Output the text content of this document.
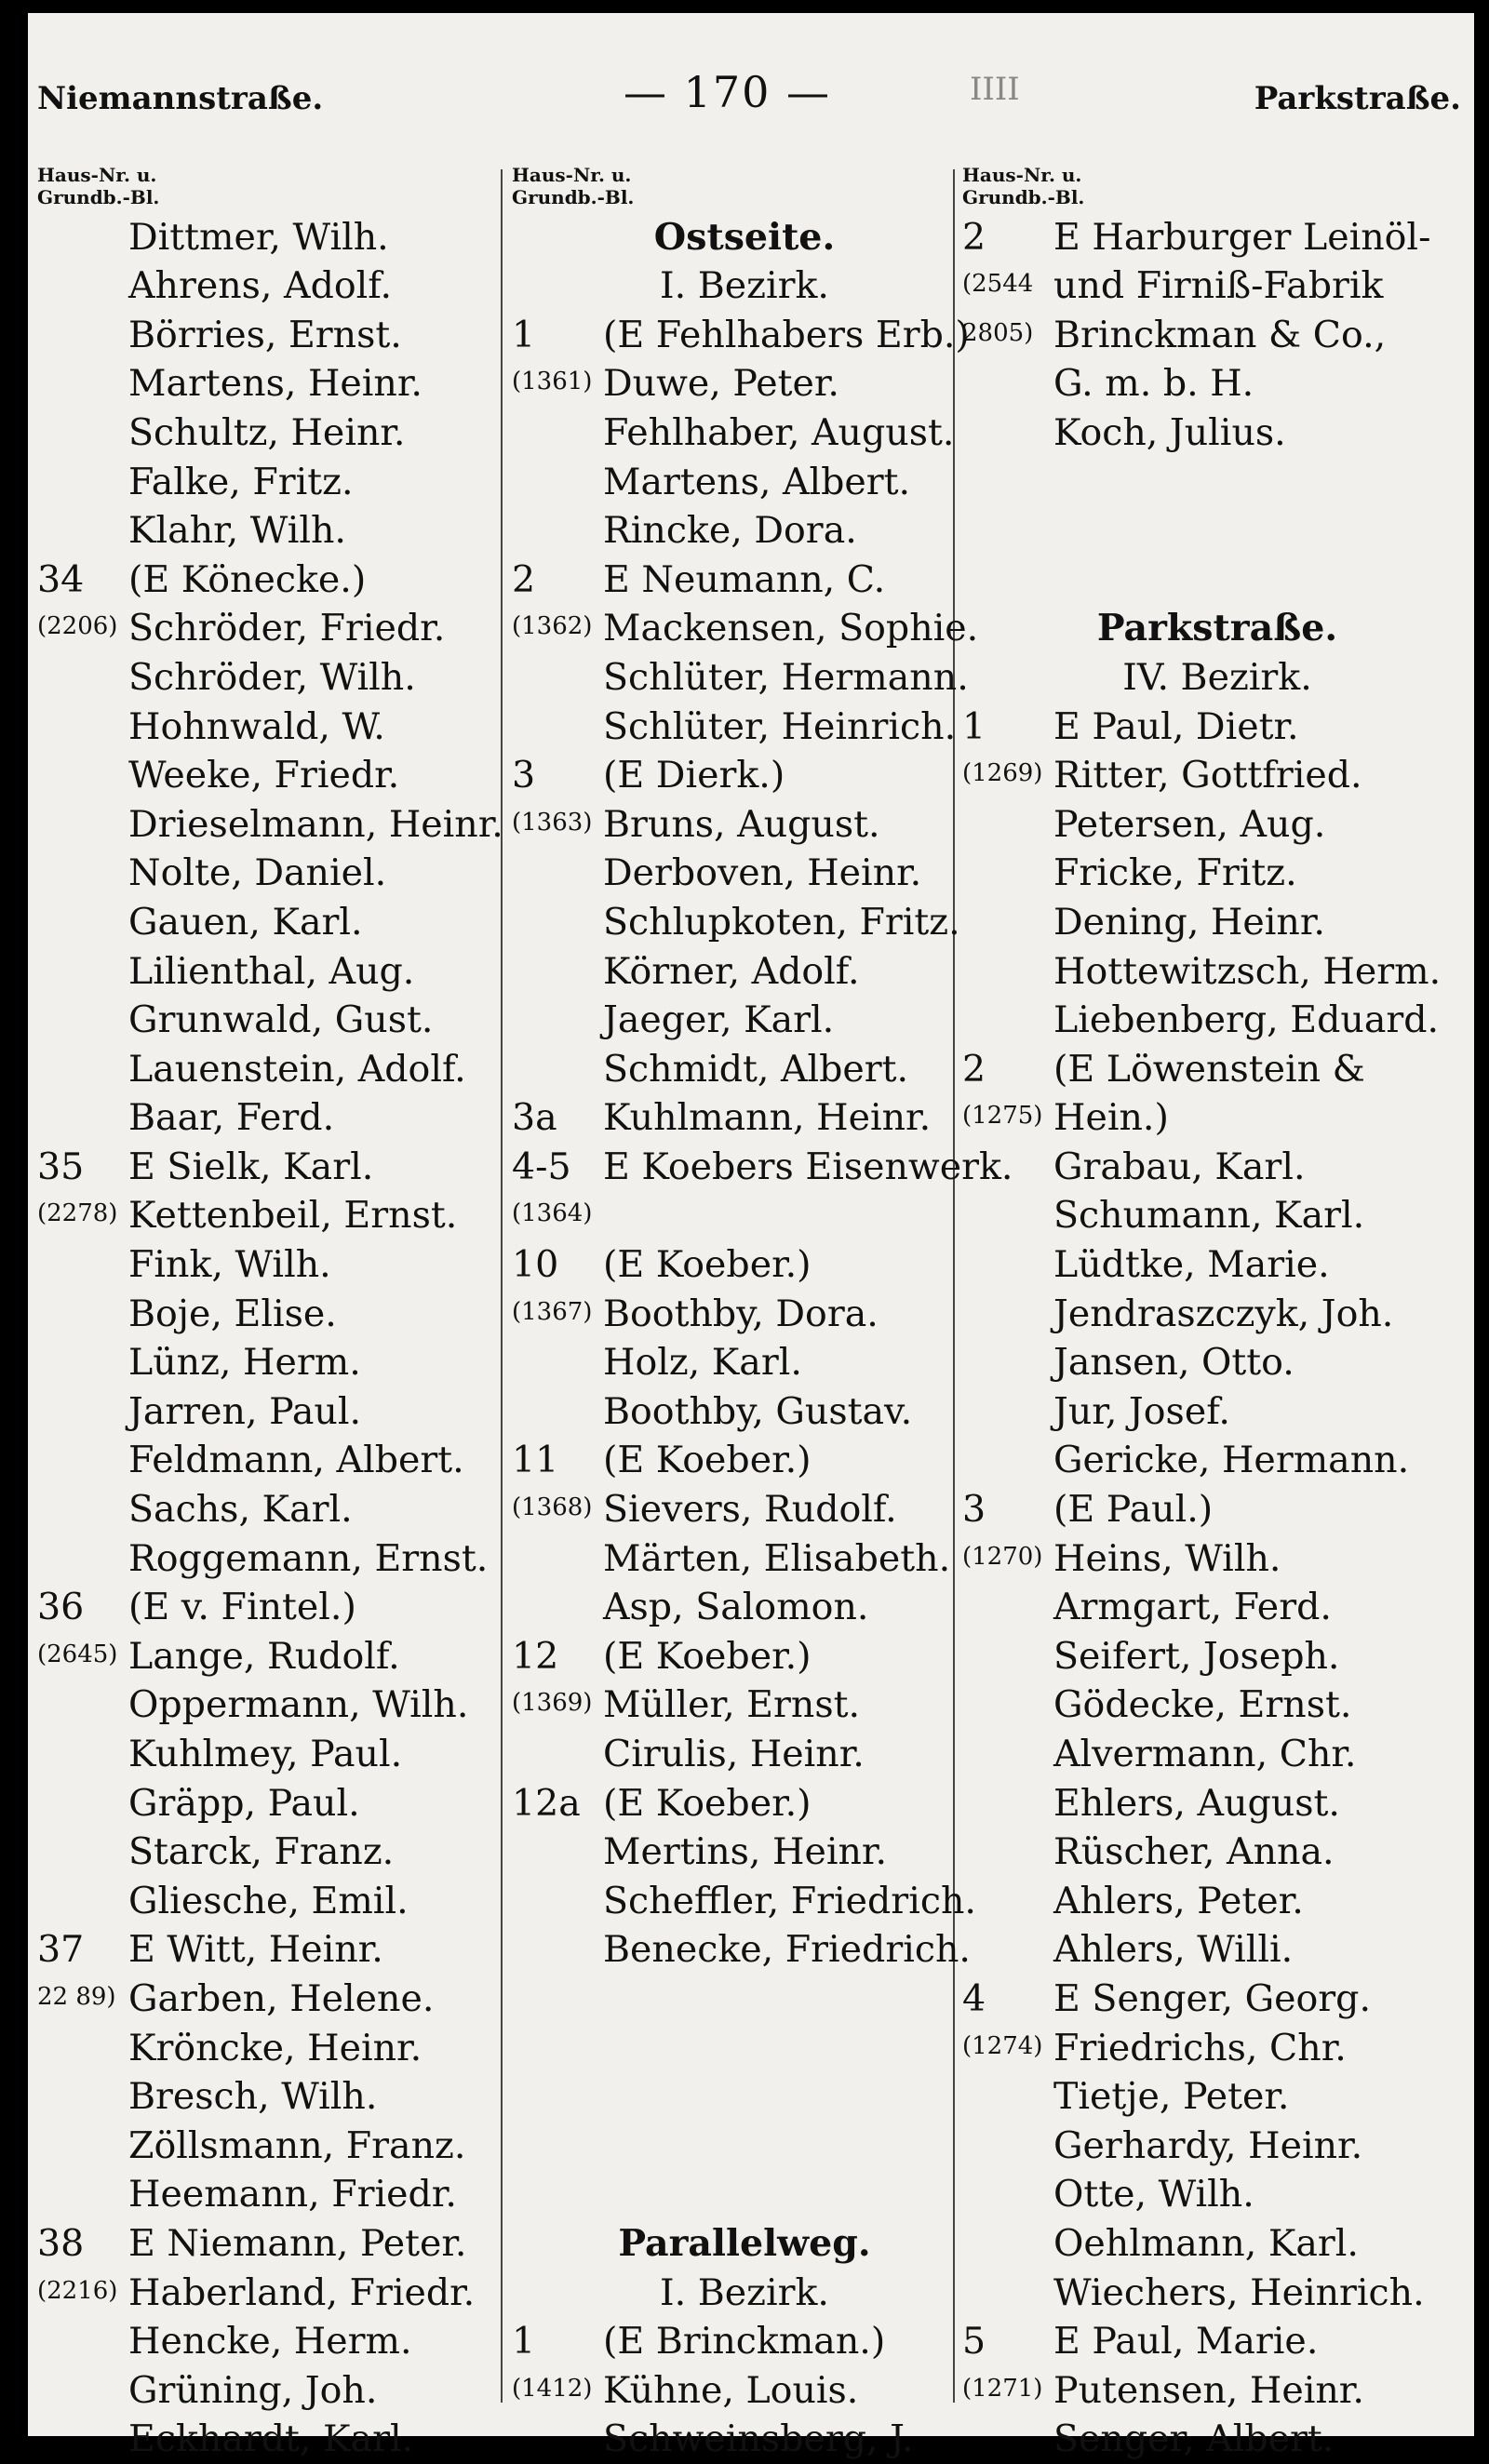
Niemannstraße.	— 170 —	IIII	Parkstraße.
Haus-Nr. u.
Grundb.-Bl.
Dittmer, Wilh.
Ahrens, Adolf.
Börries, Ernst.
Martens, Heinr.
Schultz, Heinr.
Falke, Fritz.
Klahr, Wilh.
34 (E Könecke.)
(2206) Schröder, Friedr.
Schröder, Wilh.
Hohnwald, W.
Weeke, Friedr.
Drieselmann, Heinr.
Nolte, Daniel.
Gauen, Karl.
Lilienthal, Aug.
Grunwald, Gust.
Lauenstein, Adolf.
Baar, Ferd.
35 E Sielk, Karl.
(2278) Kettenbeil, Ernst.
Fink, Wilh.
Boje, Elise.
Lünz, Herm.
Jarren, Paul.
Feldmann, Albert.
Sachs, Karl.
Roggemann, Ernst.
36 (E v. Fintel.)
(2645) Lange, Rudolf.
Oppermann, Wilh.
Kuhlmey, Paul.
Gräpp, Paul.
Starck, Franz.
Gliesche, Emil.
37 E Witt, Heinr.
22 89) Garben, Helene.
Kröncke, Heinr.
Bresch, Wilh.
Zöllsmann, Franz.
Heemann, Friedr.
38 E Niemann, Peter.
(2216) Haberland, Friedr.
Hencke, Herm.
Grüning, Joh.
Eckhardt, Karl.
Haus-Nr. u.
Grundb.-Bl.
Ostseite.
I. Bezirk.
1 (E Fehlhabers Erb.)
(1361) Duwe, Peter.
Fehlhaber, August.
Martens, Albert.
Rincke, Dora.
2 E Neumann, C.
(1362) Mackensen, Sophie.
Schlüter, Hermann.
Schlüter, Heinrich.
3 (E Dierk.)
(1363) Bruns, August.
Derboven, Heinr.
Schlupkoten, Fritz.
Körner, Adolf.
Jaeger, Karl.
Schmidt, Albert.
3a Kuhlmann, Heinr.
4-5 E Koebers Eisenwerk.
(1364)
10 (E Koeber.)
(1367) Boothby, Dora.
Holz, Karl.
Boothby, Gustav.
11 (E Koeber.)
(1368) Sievers, Rudolf.
Märten, Elisabeth.
Asp, Salomon.
12 (E Koeber.)
(1369) Müller, Ernst.
Cirulis, Heinr.
12a (E Koeber.)
Mertins, Heinr.
Scheffler, Friedrich.
Benecke, Friedrich.
Parallelweg.
I. Bezirk.
1 (E Brinckman.)
(1412) Kühne, Louis.
Schweinsberg, J.
Haus-Nr. u.
Grundb.-Bl.
2 E Harburger Leinöl-
(2544 und Firniß-Fabrik
2805) Brinckman & Co.,
G. m. b. H.
Koch, Julius.
Parkstraße.
IV. Bezirk.
1 E Paul, Dietr.
(1269) Ritter, Gottfried.
Petersen, Aug.
Fricke, Fritz.
Dening, Heinr.
Hottewitzsch, Herm.
Liebenberg, Eduard.
2 (E Löwenstein &
(1275) Hein.)
Grabau, Karl.
Schumann, Karl.
Lüdtke, Marie.
Jendraszczyk, Joh.
Jansen, Otto.
Jur, Josef.
Gericke, Hermann.
3 (E Paul.)
(1270) Heins, Wilh.
Armgart, Ferd.
Seifert, Joseph.
Gödecke, Ernst.
Alvermann, Chr.
Ehlers, August.
Rüscher, Anna.
Ahlers, Peter.
Ahlers, Willi.
4 E Senger, Georg.
(1274) Friedrichs, Chr.
Tietje, Peter.
Gerhardy, Heinr.
Otte, Wilh.
Oehlmann, Karl.
Wiechers, Heinrich.
5 E Paul, Marie.
(1271) Putensen, Heinr.
Senger, Albert.
